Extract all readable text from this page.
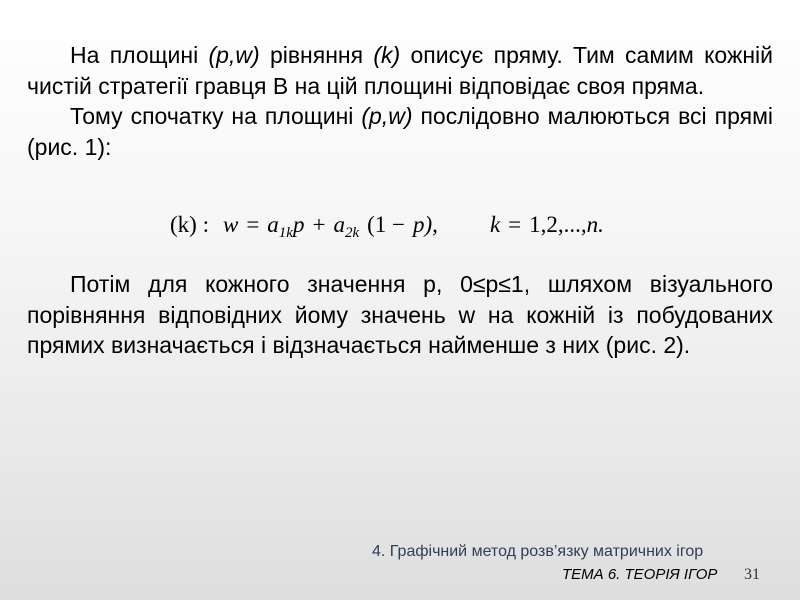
На площині (p,w) рівняння (k) описує пряму. Тим самим кожній чистій стратегії гравця В на цій площині відповідає своя пряма.

Тому спочатку на площині (p,w) послідовно малюються всі прямі (рис. 1):

(k) : $w = a_{1k}p + a_{2k}$ (1 − p), k = 1,2,...,n.

Потім для кожного значення р, 0≤р≤1, шляхом візуального порівняння відповідних йому значень w на кожній із побудованих прямих визначається і відзначається найменше з них (рис. 2).

4. Графічний метод розв’язку матричних ігор
ТЕМА 6. ТЕОРІЯ ІГОР 31
